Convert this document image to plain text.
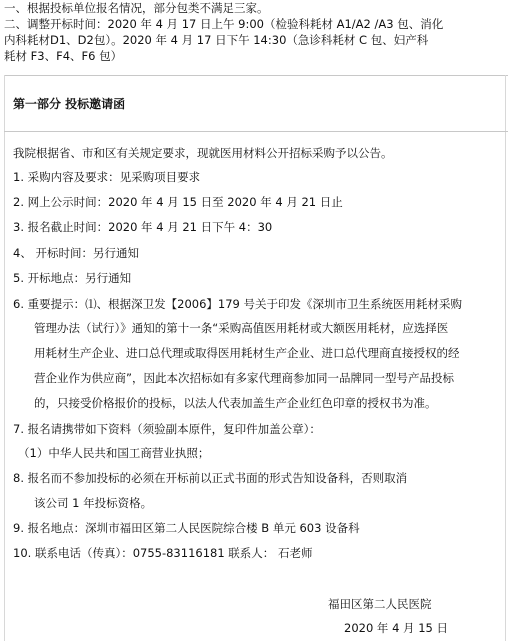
一、根据投标单位报名情况，部分包类不满足三家。
二、调整开标时间：2020 年 4 月 17 日上午 9:00（检验科耗材 A1/A2 /A3 包、消化
内科耗材D1、D2包）。2020 年 4 月 17 日下午 14:30（急诊科耗材 C 包、妇产科
耗材 F3、F4、F6 包）
第一部分 投标邀请函
我院根据省、市和区有关规定要求，现就医用材料公开招标采购予以公告。
1. 采购内容及要求：见采购项目要求
2. 网上公示时间：2020 年 4 月 15 日至 2020 年 4 月 21 日止
3. 报名截止时间：2020 年 4 月 21 日下午 4：30
4、 开标时间：另行通知
5. 开标地点：另行通知
6. 重要提示：⑴、根据深卫发【2006】179 号关于印发《深圳市卫生系统医用耗材采购
管理办法（试行）》通知的第十一条“采购高值医用耗材或大额医用耗材，应选择医
用耗材生产企业、进口总代理或取得医用耗材生产企业、进口总代理商直接授权的经
营企业作为供应商”，因此本次招标如有多家代理商参加同一品牌同一型号产品投标
的，只接受价格报价的投标，以法人代表加盖生产企业红色印章的授权书为准。
7. 报名请携带如下资料（须验副本原件，复印件加盖公章）：
（1）中华人民共和国工商营业执照；
8. 报名而不参加投标的必须在开标前以正式书面的形式告知设备科，否则取消
该公司 1 年投标资格。
9. 报名地点：深圳市福田区第二人民医院综合楼 B 单元 603 设备科
10. 联系电话（传真）：0755-83116181 联系人： 石老师
福田区第二人民医院
2020 年 4 月 15 日
